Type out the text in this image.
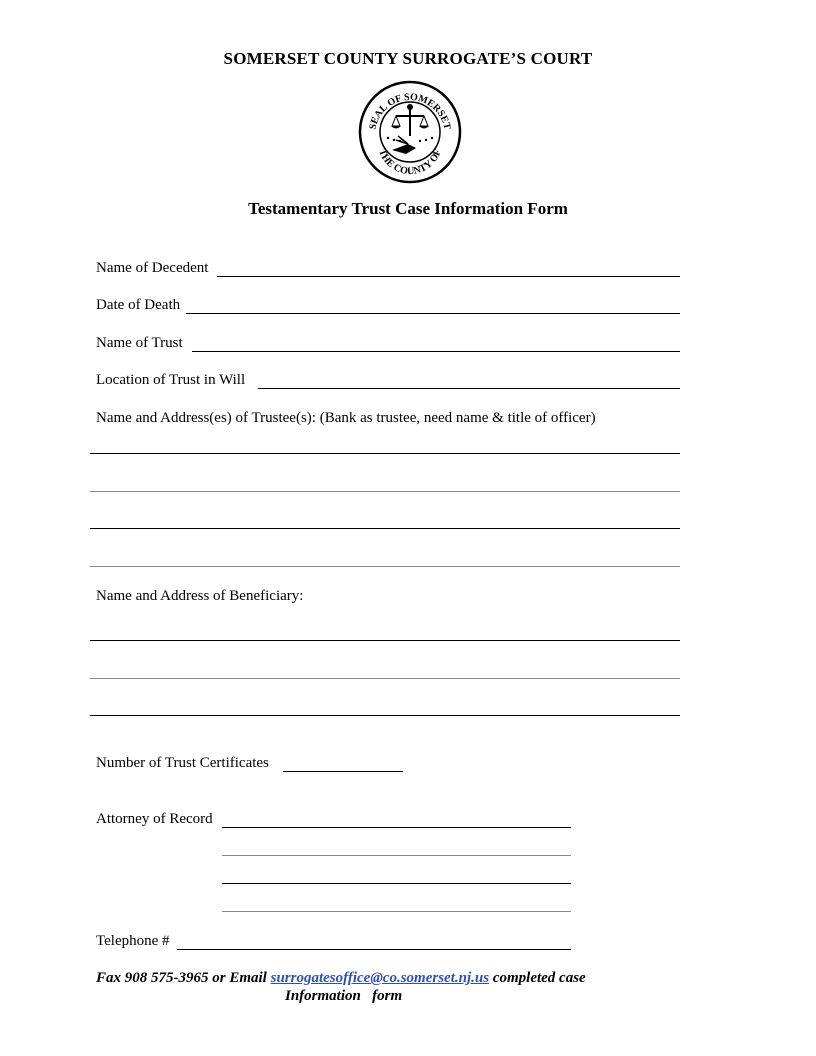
SOMERSET COUNTY SURROGATE’S COURT
SEAL OF SOMERSET
THE COUNTY OF
Testamentary Trust Case Information Form
Name of Decedent
Date of Death
Name of Trust
Location of Trust in Will
Name and Address(es) of Trustee(s): (Bank as trustee, need name & title of officer)
Name and Address of Beneficiary:
Number of Trust Certificates
Attorney of Record
Telephone #
Fax 908 575-3965 or Email surrogatesoffice@co.somerset.nj.us completed case
Information   form
